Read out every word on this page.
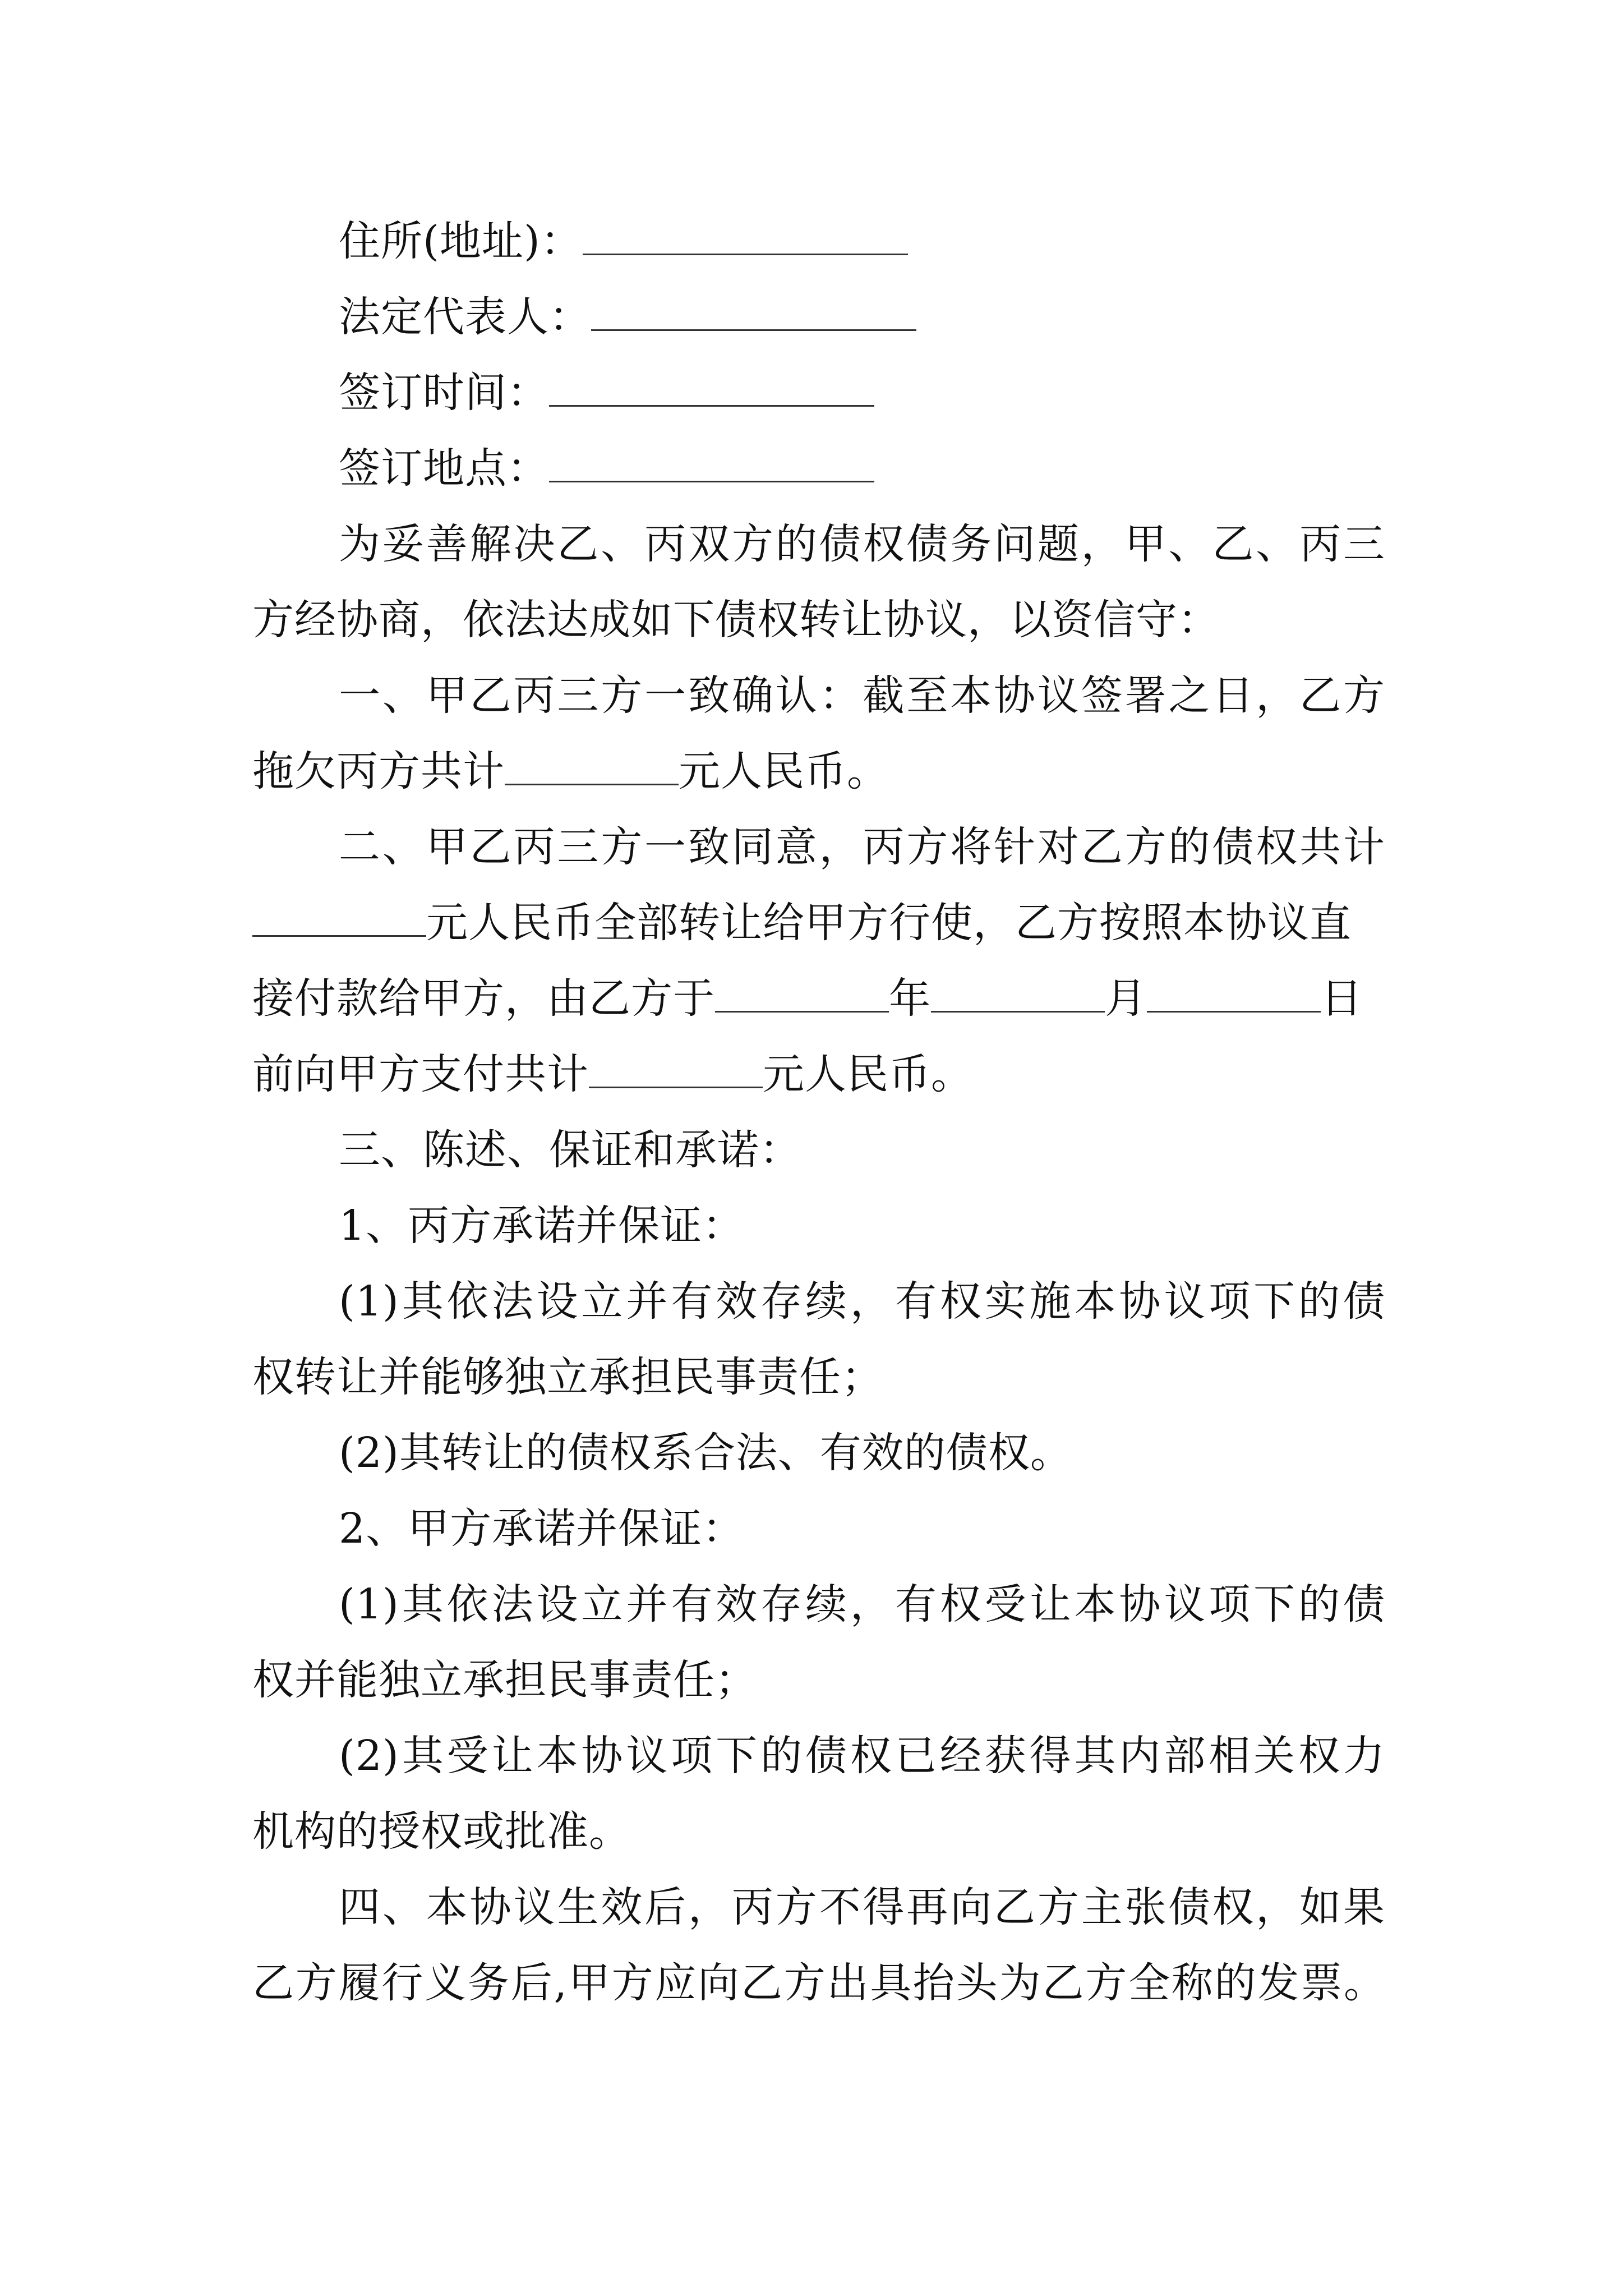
住所(地址)：
法定代表人：
签订时间：
签订地点：
为妥善解决乙、丙双方的债权债务问题，甲、乙、丙三
方经协商，依法达成如下债权转让协议，以资信守：
一、甲乙丙三方一致确认：截至本协议签署之日，乙方
拖欠丙方共计	元人民币。
二、甲乙丙三方一致同意，丙方将针对乙方的债权共计
元人民币全部转让给甲方行使，乙方按照本协议直
接付款给甲方，由乙方于	年	月	日
前向甲方支付共计	元人民币。
三、陈述、保证和承诺：
1、丙方承诺并保证：
(1)其依法设立并有效存续，有权实施本协议项下的债
权转让并能够独立承担民事责任；
(2)其转让的债权系合法、有效的债权。
2、甲方承诺并保证：
(1)其依法设立并有效存续，有权受让本协议项下的债
权并能独立承担民事责任；
(2)其受让本协议项下的债权已经获得其内部相关权力
机构的授权或批准。
四、本协议生效后，丙方不得再向乙方主张债权，如果
乙方履行义务后,甲方应向乙方出具抬头为乙方全称的发票。
